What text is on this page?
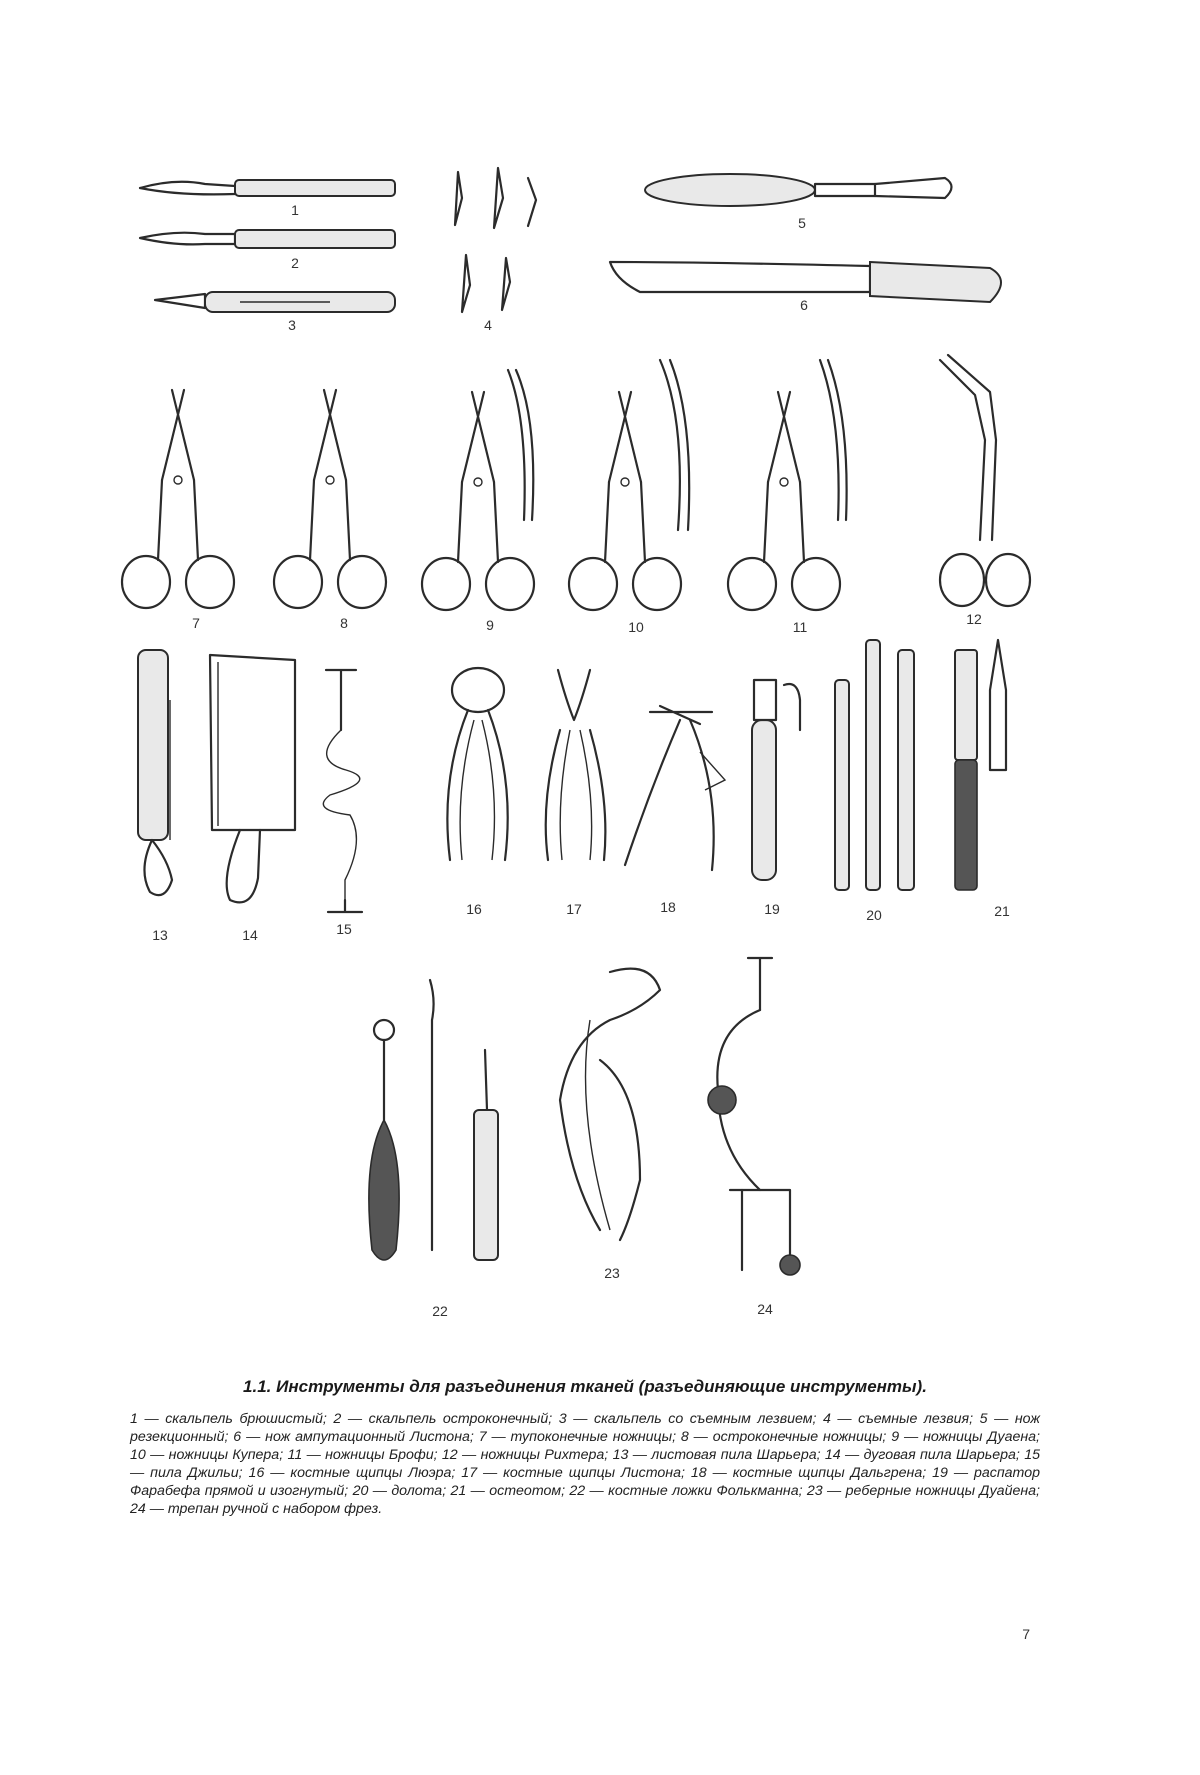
1
2
3	4
5
6
7	8	9	10	11	12
13	14	15
16	17	18	19	20	21
22
23
24
1.1. Инструменты для разъединения тканей (разъединяющие инструменты).
1 — скальпель брюшистый; 2 — скальпель остроконечный; 3 — скальпель со съемным лезвием; 4 — съемные лезвия; 5 — нож резекционный; 6 — нож ампутационный Листона; 7 — тупоконечные ножницы; 8 — остроконечные ножницы; 9 — ножницы Дуаена; 10 — ножницы Купера; 11 — ножницы Брофи; 12 — ножницы Рихтера; 13 — листовая пила Шарьера; 14 — дуговая пила Шарьера; 15 — пила Джильи; 16 — костные щипцы Люэра; 17 — костные щипцы Листона; 18 — костные щипцы Дальгрена; 19 — распатор Фарабефа прямой и изогнутый; 20 — долота; 21 — остеотом; 22 — костные ложки Фолькманна; 23 — реберные ножницы Дуайена; 24 — трепан ручной с набором фрез.
7
